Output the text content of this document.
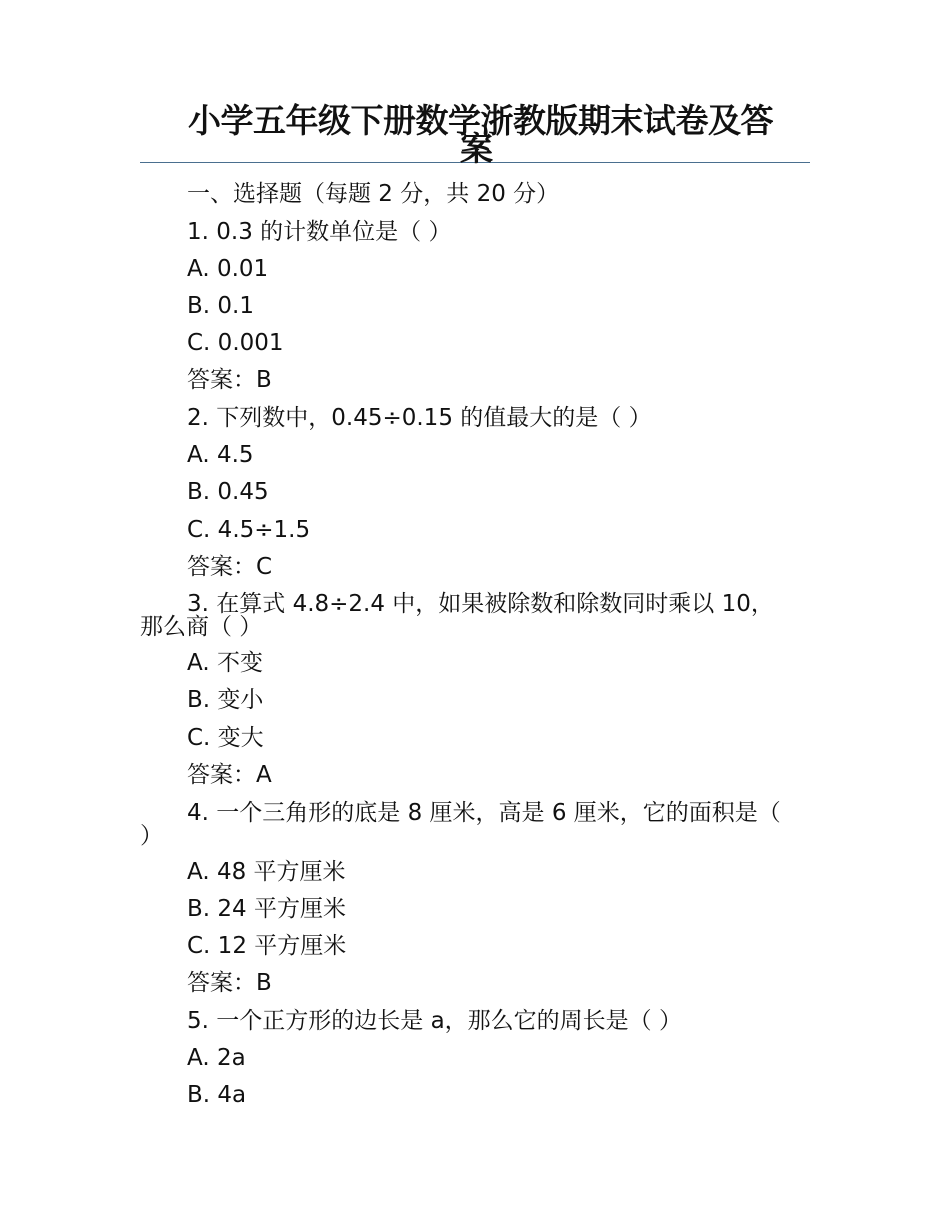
小学五年级下册数学浙教版期末试卷及答
案
一、选择题（每题 2 分，共 20 分）
1. 0.3 的计数单位是（ ）
A. 0.01
B. 0.1
C. 0.001
答案：B
2. 下列数中，0.45÷0.15 的值最大的是（ ）
A. 4.5
B. 0.45
C. 4.5÷1.5
答案：C
3. 在算式 4.8÷2.4 中，如果被除数和除数同时乘以 10，
那么商（ ）
A. 不变
B. 变小
C. 变大
答案：A
4. 一个三角形的底是 8 厘米，高是 6 厘米，它的面积是（
）
A. 48 平方厘米
B. 24 平方厘米
C. 12 平方厘米
答案：B
5. 一个正方形的边长是 a，那么它的周长是（ ）
A. 2a
B. 4a
